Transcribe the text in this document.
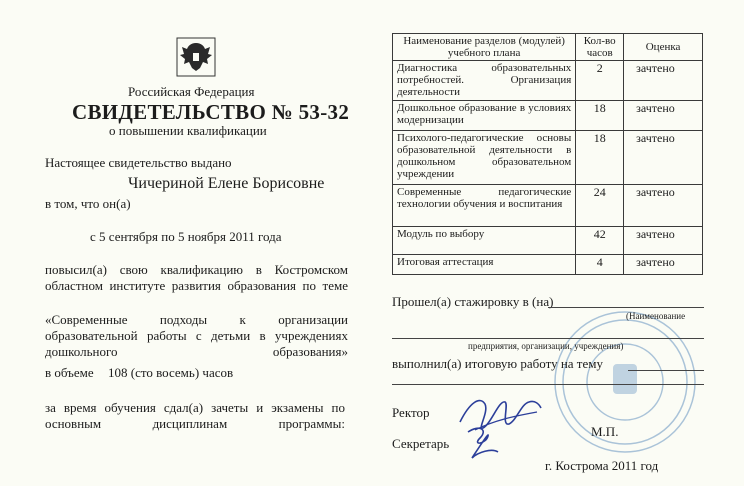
Российская Федерация
СВИДЕТЕЛЬСТВО № 53-32
о повышении квалификации
Настоящее свидетельство выдано
Чичериной Елене Борисовне
в том, что он(а)
с 5 сентября по 5 ноября 2011 года
повысил(а) свою квалификацию в Костромском областном институте развития образования по теме
«Современные подходы к организации образовательной работы с детьми в учреждениях дошкольного образования»
в объеме 108 (сто восемь) часов
за время обучения сдал(а) зачеты и экзамены по основным дисциплинам программы:
Наименование разделов (модулей) учебного плана	Кол-во часов	Оценка
Диагностика образовательных потребностей. Организация деятельности	2	зачтено
Дошкольное образование в условиях модернизации	18	зачтено
Психолого-педагогические основы образовательной деятельности в дошкольном образовательном учреждении	18	зачтено
Современные педагогические технологии обучения и воспитания	24	зачтено
Модуль по выбору	42	зачтено
Итоговая аттестация	4	зачтено
Прошел(а) стажировку в (на)
(Наименование
предприятия, организации, учреждения)
выполнил(а) итоговую работу на тему
Ректор
Секретарь
М.П.
г. Кострома 2011 год
